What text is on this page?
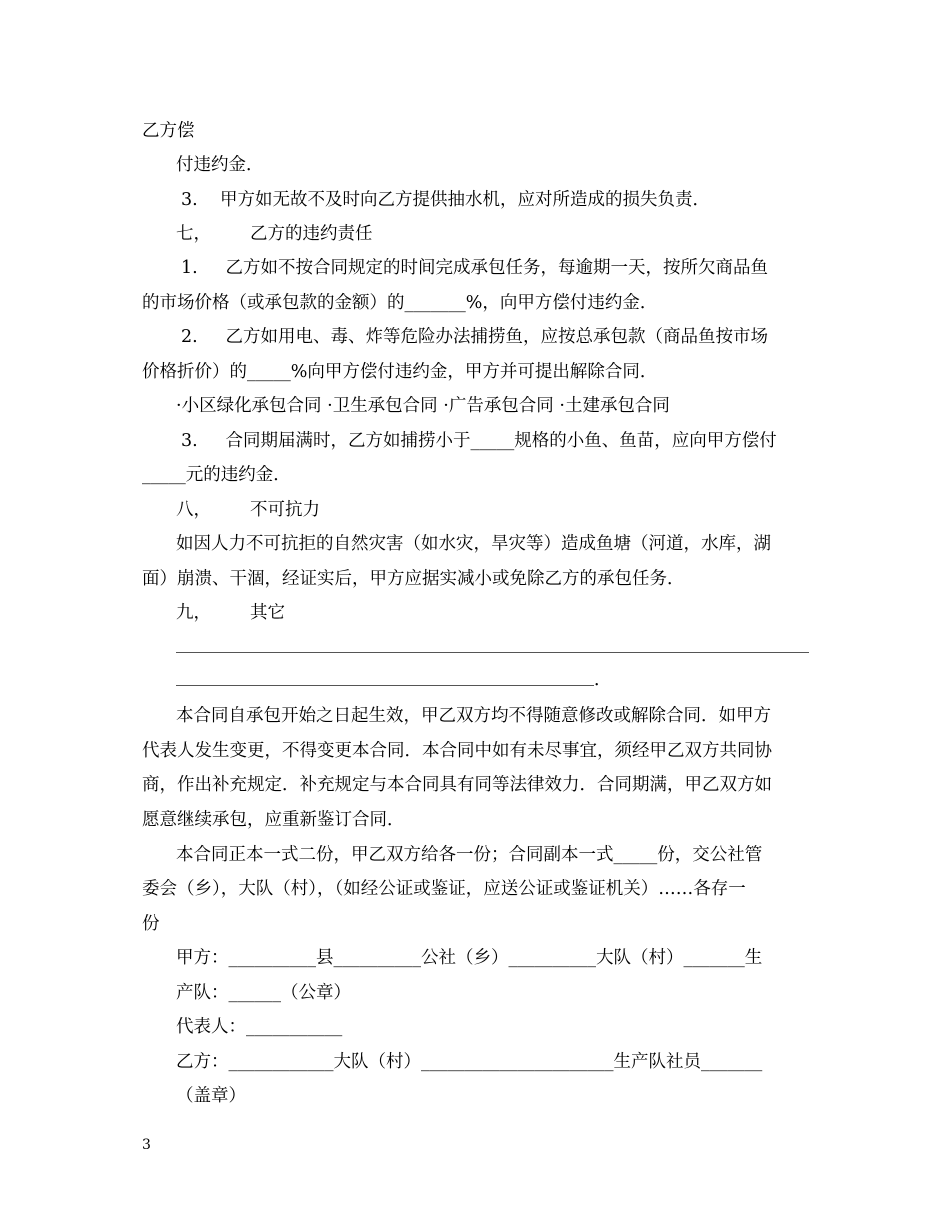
乙方偿
付违约金．
3.    甲方如无故不及时向乙方提供抽水机，应对所造成的损失负责．
七，       乙方的违约责任
1.     乙方如不按合同规定的时间完成承包任务，每逾期一天，按所欠商品鱼
的市场价格（或承包款的金额）的_______%，向甲方偿付违约金．
2.     乙方如用电、毒、炸等危险办法捕捞鱼，应按总承包款（商品鱼按市场
价格折价）的_____%向甲方偿付违约金，甲方并可提出解除合同．
·小区绿化承包合同 ·卫生承包合同 ·广告承包合同 ·土建承包合同
3.     合同期届满时，乙方如捕捞小于_____规格的小鱼、鱼苗，应向甲方偿付
_____元的违约金．
八，       不可抗力
如因人力不可抗拒的自然灾害（如水灾，旱灾等）造成鱼塘（河道，水库，湖
面）崩溃、干涸，经证实后，甲方应据实减小或免除乙方的承包任务．
九，       其它
．
本合同自承包开始之日起生效，甲乙双方均不得随意修改或解除合同．如甲方
代表人发生变更，不得变更本合同．本合同中如有未尽事宜，须经甲乙双方共同协
商，作出补充规定．补充规定与本合同具有同等法律效力．合同期满，甲乙双方如
愿意继续承包，应重新鉴订合同．
本合同正本一式二份，甲乙双方给各一份；合同副本一式_____份，交公社管
委会（乡），大队（村），（如经公证或鉴证，应送公证或鉴证机关）……各存一
份
甲方：__________县__________公社（乡）__________大队（村）_______生
产队：______（公章）
代表人：___________
乙方：____________大队（村）______________________生产队社员_______
（盖章）
3
